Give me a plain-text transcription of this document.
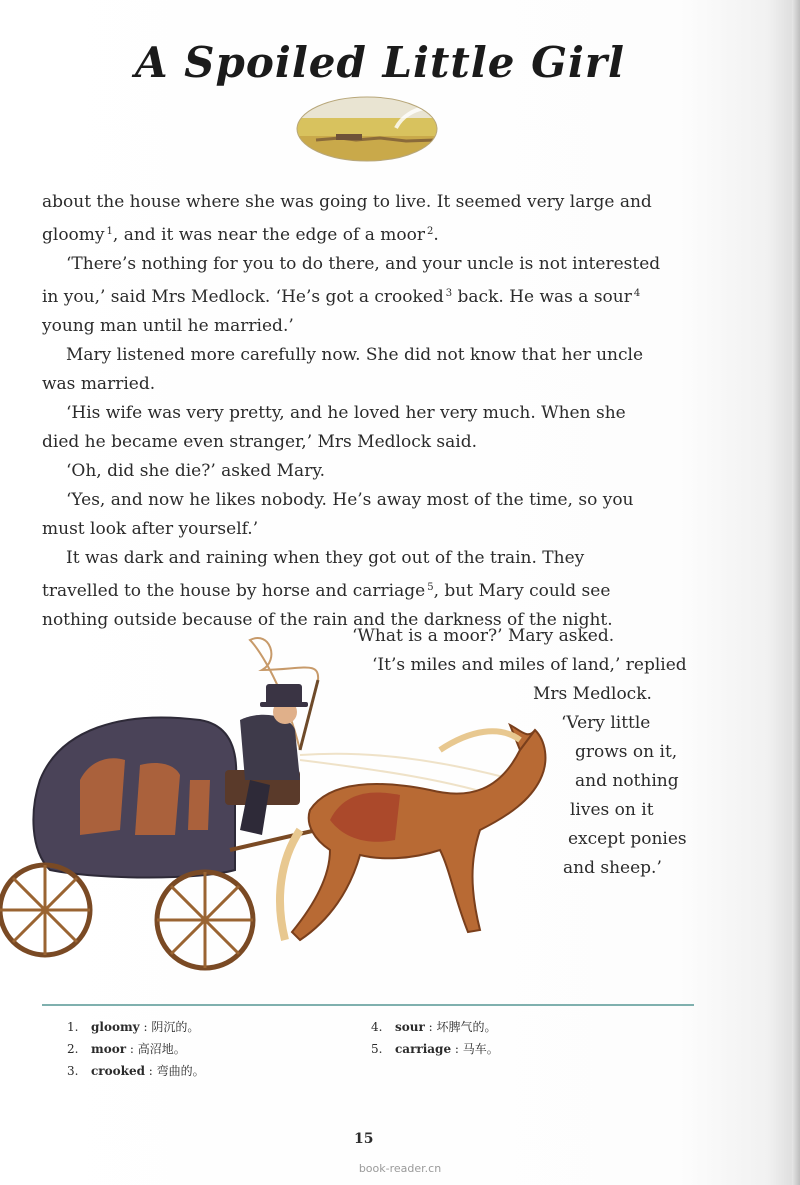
A Spoiled Little Girl

about the house where she was going to live. It seemed very large and

gloomy $^1$, and it was near the edge of a moor $^2$.

‘There’s nothing for you to do there, and your uncle is not interested

in you,’ said Mrs Medlock. ‘He’s got a crooked $^3$ back. He was a sour $^4$

young man until he married.’

Mary listened more carefully now. She did not know that her uncle

was married.

‘His wife was very pretty, and he loved her very much. When she

died he became even stranger,’ Mrs Medlock said.

‘Oh, did she die?’ asked Mary.

‘Yes, and now he likes nobody. He’s away most of the time, so you

must look after yourself.’

It was dark and raining when they got out of the train. They

travelled to the house by horse and carriage $^5$, but Mary could see

nothing outside because of the rain and the darkness of the night.

‘What is a moor?’ Mary asked.
‘It’s miles and miles of land,’ replied
Mrs Medlock.
‘Very little
grows on it,
and nothing
lives on it
except ponies
and sheep.’
1. gloomy : 阴沉的。
2. moor : 高沼地。
3. crooked : 弯曲的。
4. sour : 坏脾气的。
5. carriage : 马车。
15
book-reader.cn
